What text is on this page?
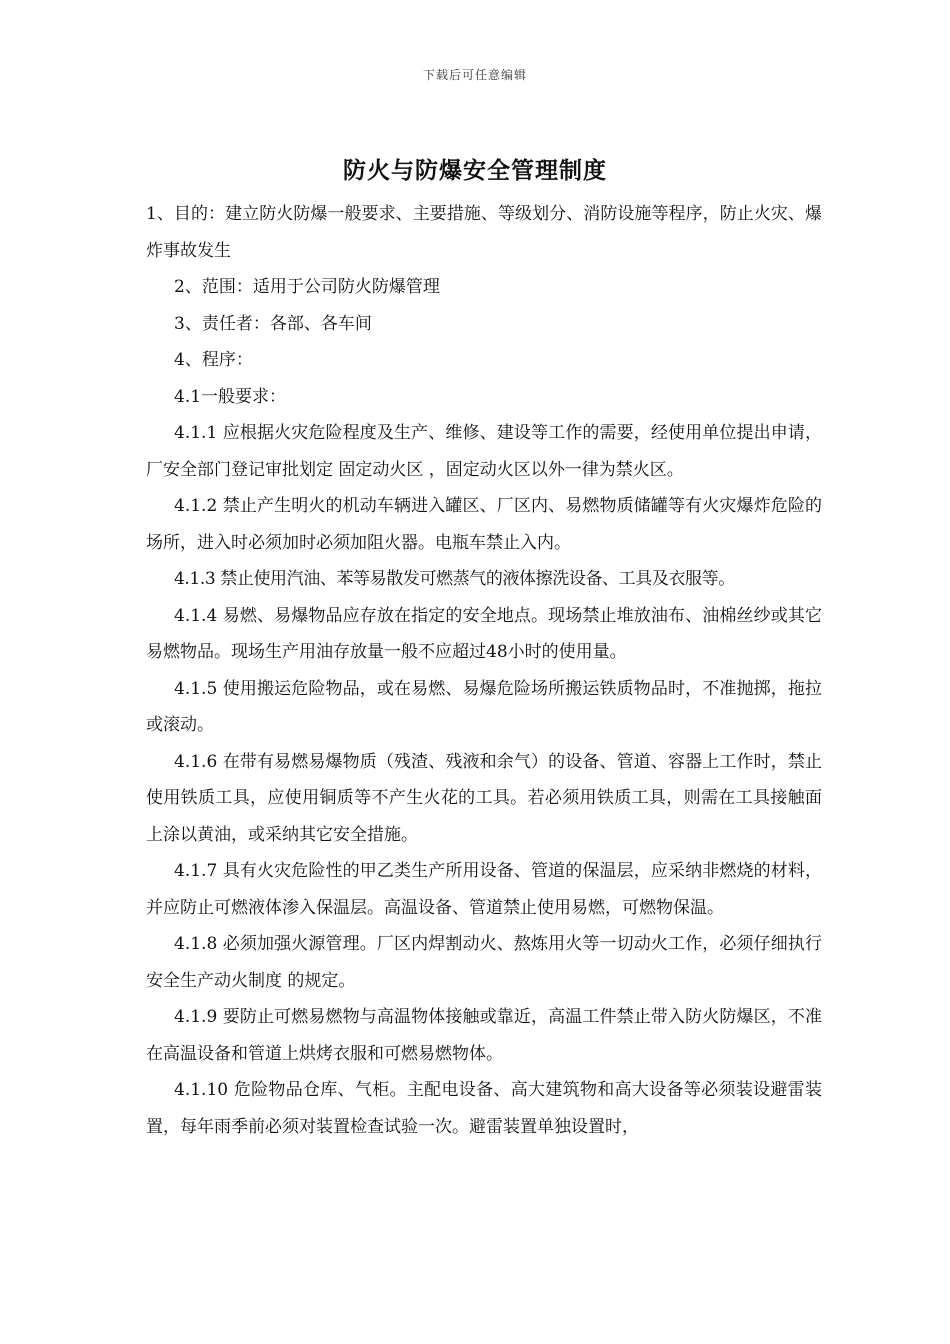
下载后可任意编辑
防火与防爆安全管理制度

1、目的：建立防火防爆一般要求、主要措施、等级划分、消防设施等程序，防止火灾、爆炸事故发生

2、范围：适用于公司防火防爆管理

3、责任者：各部、各车间

4、程序：

4.1一般要求：

4.1.1 应根据火灾危险程度及生产、维修、建设等工作的需要，经使用单位提出申请，厂安全部门登记审批划定 固定动火区 ，固定动火区以外一律为禁火区。

4.1.2 禁止产生明火的机动车辆进入罐区、厂区内、易燃物质储罐等有火灾爆炸危险的场所，进入时必须加时必须加阻火器。电瓶车禁止入内。

4.1.3 禁止使用汽油、苯等易散发可燃蒸气的液体擦洗设备、工具及衣服等。

4.1.4 易燃、易爆物品应存放在指定的安全地点。现场禁止堆放油布、油棉丝纱或其它易燃物品。现场生产用油存放量一般不应超过48小时的使用量。

4.1.5 使用搬运危险物品，或在易燃、易爆危险场所搬运铁质物品时，不准抛掷，拖拉或滚动。

4.1.6 在带有易燃易爆物质（残渣、残液和余气）的设备、管道、容器上工作时，禁止使用铁质工具，应使用铜质等不产生火花的工具。若必须用铁质工具，则需在工具接触面上涂以黄油，或采纳其它安全措施。

4.1.7 具有火灾危险性的甲乙类生产所用设备、管道的保温层，应采纳非燃烧的材料，并应防止可燃液体渗入保温层。高温设备、管道禁止使用易燃，可燃物保温。

4.1.8 必须加强火源管理。厂区内焊割动火、熬炼用火等一切动火工作，必须仔细执行 安全生产动火制度 的规定。

4.1.9 要防止可燃易燃物与高温物体接触或靠近，高温工件禁止带入防火防爆区，不准在高温设备和管道上烘烤衣服和可燃易燃物体。

4.1.10 危险物品仓库、气柜。主配电设备、高大建筑物和高大设备等必须装设避雷装置，每年雨季前必须对装置检查试验一次。避雷装置单独设置时，
